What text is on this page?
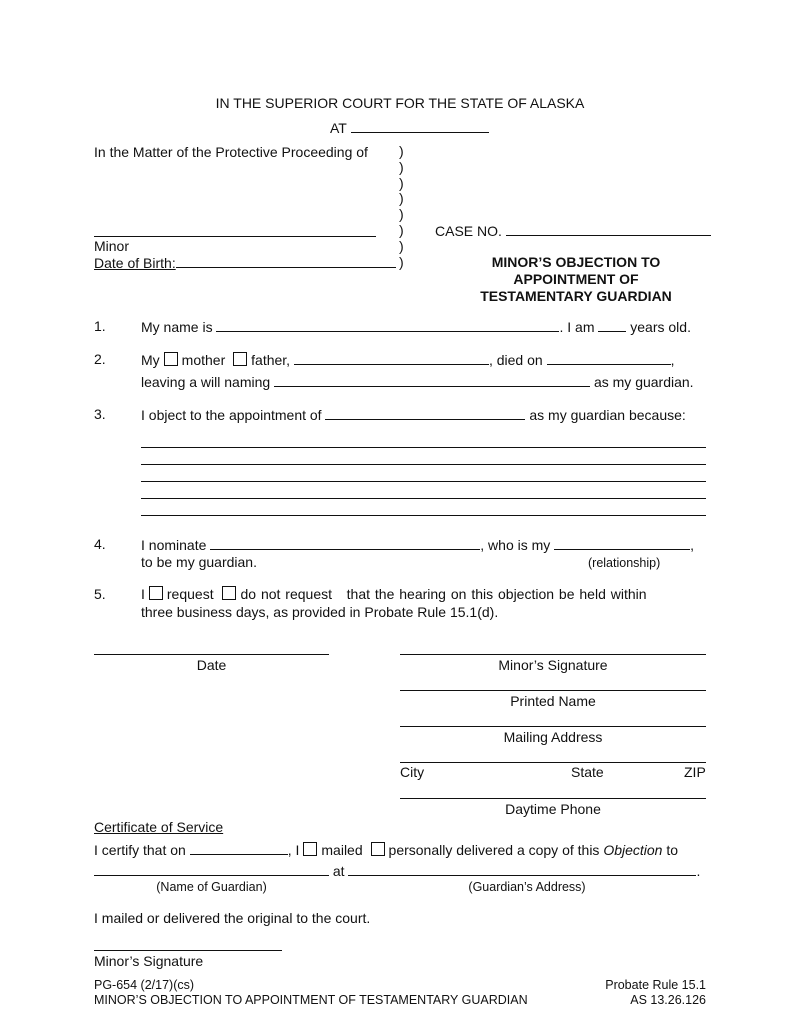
IN THE SUPERIOR COURT FOR THE STATE OF ALASKA
AT
In the Matter of the Protective Proceeding of )
)
)
)
)
)
)
)
Minor
Date of Birth:
CASE NO.
MINOR’S OBJECTION TO
APPOINTMENT OF
TESTAMENTARY GUARDIAN
1.	My name is	. I am	years old.
2.	My mother father,	, died on	,
leaving a will naming	as my guardian.
3.	I object to the appointment of	as my guardian because:
4.	I nominate	, who is my	,
to be my guardian.	(relationship)
5.	I request do not request that the hearing on this objection be held within
three business days, as provided in Probate Rule 15.1(d).
Date	Minor’s Signature
Printed Name
Mailing Address
City	State	ZIP
Daytime Phone
Certificate of Service
I certify that on	, I mailed personally delivered a copy of this Objection to
at	.
(Name of Guardian)	(Guardian’s Address)
I mailed or delivered the original to the court.
Minor’s Signature
PG-654 (2/17)(cs)
MINOR’S OBJECTION TO APPOINTMENT OF TESTAMENTARY GUARDIAN
Probate Rule 15.1
AS 13.26.126
